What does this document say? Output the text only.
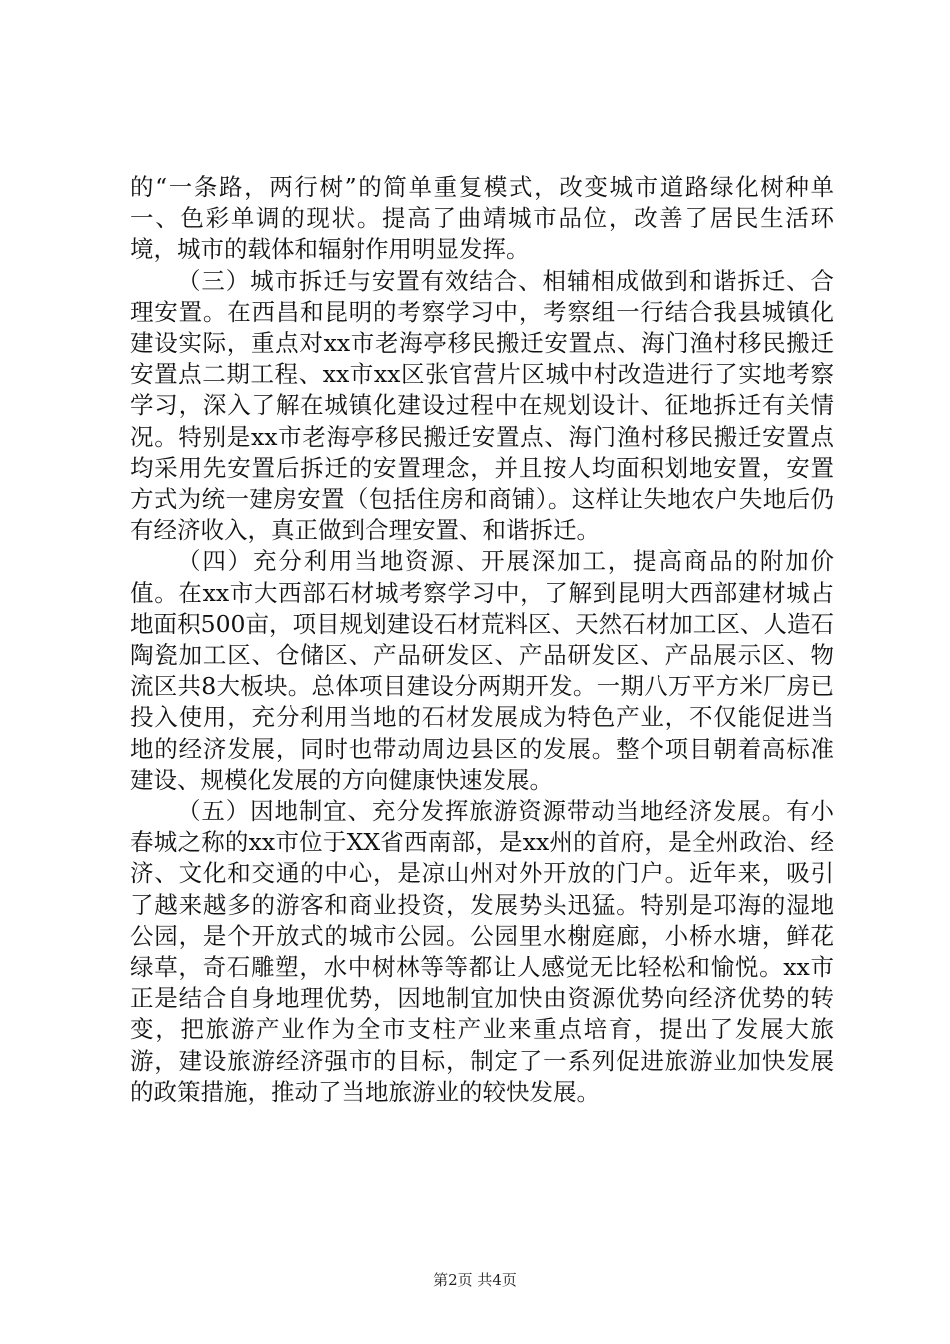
的“一条路，两行树”的简单重复模式，改变城市道路绿化树种单一、色彩单调的现状。提高了曲靖城市品位，改善了居民生活环境，城市的载体和辐射作用明显发挥。

（三）城市拆迁与安置有效结合、相辅相成做到和谐拆迁、合理安置。在西昌和昆明的考察学习中，考察组一行结合我县城镇化建设实际，重点对xx市老海亭移民搬迁安置点、海门渔村移民搬迁安置点二期工程、xx市xx区张官营片区城中村改造进行了实地考察学习，深入了解在城镇化建设过程中在规划设计、征地拆迁有关情况。特别是xx市老海亭移民搬迁安置点、海门渔村移民搬迁安置点均采用先安置后拆迁的安置理念，并且按人均面积划地安置，安置方式为统一建房安置（包括住房和商铺）。这样让失地农户失地后仍有经济收入，真正做到合理安置、和谐拆迁。

（四）充分利用当地资源、开展深加工，提高商品的附加价值。在xx市大西部石材城考察学习中，了解到昆明大西部建材城占地面积500亩，项目规划建设石材荒料区、天然石材加工区、人造石陶瓷加工区、仓储区、产品研发区、产品研发区、产品展示区、物流区共8大板块。总体项目建设分两期开发。一期八万平方米厂房已投入使用，充分利用当地的石材发展成为特色产业，不仅能促进当地的经济发展，同时也带动周边县区的发展。整个项目朝着高标准建设、规模化发展的方向健康快速发展。

（五）因地制宜、充分发挥旅游资源带动当地经济发展。有小春城之称的xx市位于XX省西南部，是xx州的首府，是全州政治、经济、文化和交通的中心，是凉山州对外开放的门户。近年来，吸引了越来越多的游客和商业投资，发展势头迅猛。特别是邛海的湿地公园，是个开放式的城市公园。公园里水榭庭廊，小桥水塘，鲜花绿草，奇石雕塑，水中树林等等都让人感觉无比轻松和愉悦。xx市正是结合自身地理优势，因地制宜加快由资源优势向经济优势的转变，把旅游产业作为全市支柱产业来重点培育，提出了发展大旅游，建设旅游经济强市的目标，制定了一系列促进旅游业加快发展的政策措施，推动了当地旅游业的较快发展。

第2页 共4页
